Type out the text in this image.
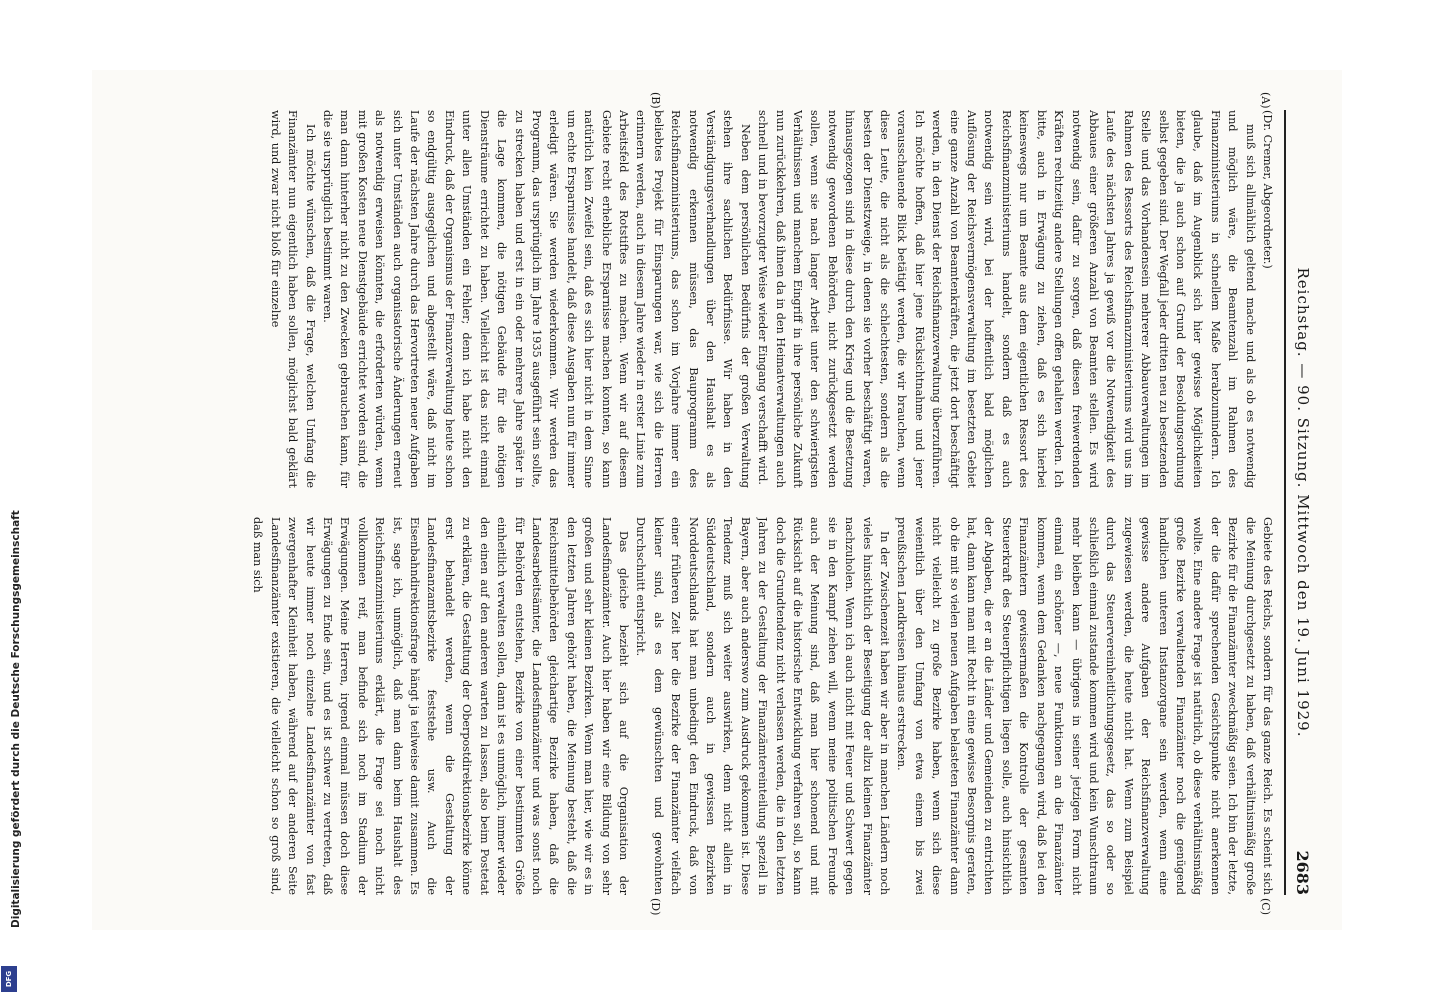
Digitalisierung gefördert durch die Deutsche Forschungsgemeinschaft
DFG
Reichstag. — 90. Sitzung. Mittwoch den 19. Juni 1929.
2683
(A)
(B)
(C)
(D)

(Dr. Cremer, Abgeordneter.)

muß sich allmählich geltend mache und als ob es notwendig und möglich wäre, die Beamtenzahl im Rahmen des Finanzministeriums in schnellem Maße herabzumindern. Ich glaube, daß im Augenblick sich hier gewisse Möglichkeiten bieten, die ja auch schon auf Grund der Besoldungsordnung selbst gegeben sind. Der Wegfall jeder dritten neu zu besetzenden Stelle und das Vorhandensein mehrerer Abbauverwaltungen im Rahmen des Ressorts des Reichsfinanzministeriums wird uns im Laufe des nächsten Jahres ja gewiß vor die Notwendigkeit des Abbaues einer größeren Anzahl von Beamten stellen. Es wird notwendig sein, dafür zu sorgen, daß diesen freiwerdenden Kräften rechtzeitig andere Stellungen offen gehalten werden. Ich bitte, auch in Erwägung zu ziehen, daß es sich hierbei keineswegs nur um Beamte aus dem eigentlichen Ressort des Reichsfinanzministeriums handelt, sondern daß es auch notwendig sein wird, bei der hoffentlich bald möglichen Auflösung der Reichsvermögensverwaltung im besetzten Gebiet eine ganze Anzahl von Beamtenkräften, die jetzt dort beschäftigt werden, in den Dienst der Reichsfinanzverwaltung überzuführen. Ich möchte hoffen, daß hier jene Rücksichtnahme und jener vorausschauende Blick betätigt werden, die wir brauchen, wenn diese Leute, die nicht als die schlechtesten, sondern als die besten der Dienstzweige, in denen sie vorher beschäftigt waren, hinausgezogen sind in diese durch den Krieg und die Besetzung notwendig gewordenen Behörden, nicht zurückgesetzt werden sollen, wenn sie nach langer Arbeit unter den schwierigsten Verhältnissen und manchem Eingriff in ihre persönliche Zukunft nun zurückkehren, daß ihnen da in den Heimatverwaltungen auch schnell und in bevorzugter Weise wieder Eingang verschafft wird.

Neben dem persönlichen Bedürfnis der großen Verwaltung stehen ihre sachlichen Bedürfnisse. Wir haben in den Verständigungsverhandlungen über den Haushalt es als notwendig erkennen müssen, das Bauprogramm des Reichsfinanzministeriums, das schon im Vorjahre immer ein beliebtes Projekt für Einsparungen war, wie sich die Herren erinnern werden, auch in diesem Jahre wieder in erster Linie zum Arbeitsfeld des Rotstiftes zu machen. Wenn wir auf diesem Gebiete recht erhebliche Ersparnisse machen konnten, so kann natürlich kein Zweifel sein, daß es sich hier nicht in dem Sinne um echte Ersparnisse handelt, daß diese Ausgaben nun für immer erledigt wären. Sie werden wiederkommen. Wir werden das Programm, das ursprünglich im Jahre 1935 ausgeführt sein sollte, zu strecken haben und erst in ein oder mehrere Jahre später in die Lage kommen, die nötigen Gebäude für die nötigen Diensträume errichtet zu haben. Vielleicht ist das nicht einmal unter allen Umständen ein Fehler; denn ich habe nicht den Eindruck, daß der Organismus der Finanzverwaltung heute schon so endgültig ausgeglichen und abgestellt wäre, daß nicht im Laufe der nächsten Jahre durch das Hervortreten neuer Aufgaben sich unter Umständen auch organisatorische Änderungen erneut als notwendig erweisen könnten, die erforderten würden, wenn mit großen Kosten neue Dienstgebäude errichtet worden sind, die man dann hinterher nicht zu den Zwecken gebrauchen kann, für die sie ursprünglich bestimmt waren.

Ich möchte wünschen, daß die Frage, welchen Umfang die Finanzämter nun eigentlich haben sollen, möglichst bald geklärt wird, und zwar nicht bloß für einzelne

Gebiete des Reichs, sondern für das ganze Reich. Es scheint sich die Meinung durchgesetzt zu haben, daß verhältnismäßig große Bezirke für die Finanzämter zweckmäßig seien. Ich bin der letzte, der die dafür sprechenden Gesichtspunkte nicht anerkennen wollte. Eine andere Frage ist natürlich, ob diese verhältnismäßig große Bezirke verwaltenden Finanzämter noch die genügend handlichen unteren Instanzorgane sein werden, wenn eine gewisse andere Aufgaben der Reichsfinanzverwaltung zugewiesen werden, die heute nicht hat. Wenn zum Beispiel durch das Steuervereinheitlichungsgesetz, das so oder so schließlich einmal zustande kommen wird und kein Wunschtraum mehr bleiben kann — übrigens in seiner jetzigen Form nicht einmal ein schöner —, neue Funktionen an die Finanzämter kommen, wenn dem Gedanken nachgegangen wird, daß bei den Finanzämtern gewissermaßen die Kontrolle der gesamten Steuerkraft des Steuerpflichtigen liegen solle, auch hinsichtlich der Abgaben, die er an die Länder und Gemeinden zu entrichten hat, dann kann man mit Recht in eine gewisse Besorgnis geraten, ob die mit so vielen neuen Aufgaben belasteten Finanzämter dann nicht vielleicht zu große Bezirke haben, wenn sich diese weientlich über den Umfang von etwa einem bis zwei preußischen Landkreisen hinaus erstrecken.

In der Zwischenzeit haben wir aber in manchen Ländern noch vieles hinsichtlich der Beseitigung der allzu kleinen Finanzämter nachzuholen. Wenn ich auch nicht mit Feuer und Schwert gegen sie in den Kampf ziehen will, wenn meine politischen Freunde auch der Meinung sind, daß man hier schonend und mit Rücksicht auf die historische Entwicklung verfahren soll, so kann doch die Grundtendenz nicht verlassen werden, die in den letzten Jahren zu der Gestaltung der Finanzämtereinteilung speziell in Bayern, aber auch anderswo zum Ausdruck gekommen ist. Diese Tendenz muß sich weiter auswirken, denn nicht allein in Süddeutschland, sondern auch in gewissen Bezirken Norddeutschlands hat man unbedingt den Eindruck, daß von einer früheren Zeit her die Bezirke der Finanzämter vielfach kleiner sind, als es dem gewünschten und gewohnten Durchschnitt entspricht.

Das gleiche bezieht sich auf die Organisation der Landesfinanzämter. Auch hier haben wir eine Bildung von sehr großen und sehr kleinen Bezirken. Wenn man hier, wie wir es in den letzten Jahren gehört haben, die Meinung besteht, daß die Reichsmittelbehörden gleichartige Bezirke haben, daß die Landesarbeitsämter, die Landesfinanzämter und was sonst noch für Behörden entstehen, Bezirke von einer bestimmten Größe einheitlich verwalten sollen, dann ist es unmöglich, immer wieder den einen auf den anderen warten zu lassen, also beim Postetat zu erklären, die Gestaltung der Oberpostdirektionsbezirke könne erst behandelt werden, wenn die Gestaltung der Landesfinanzamtsbezirke feststehe usw. Auch die Eisenbahndirektionsfrage hängt ja teilweise damit zusammen. Es ist, sage ich, unmöglich, daß man dann beim Haushalt des Reichsfinanzministeriums erklärt, die Frage sei noch nicht vollkommen reif, man befinde sich noch im Stadium der Erwägungen. Meine Herren, irgend einmal müssen doch diese Erwägungen zu Ende sein, und es ist schwer zu vertreten, daß wir heute immer noch einzelne Landesfinanzämter von fast zwergenhafter Kleinheit haben, während auf der anderen Seite Landesfinanzämter existieren, die vielleicht schon so groß sind, daß man sich
